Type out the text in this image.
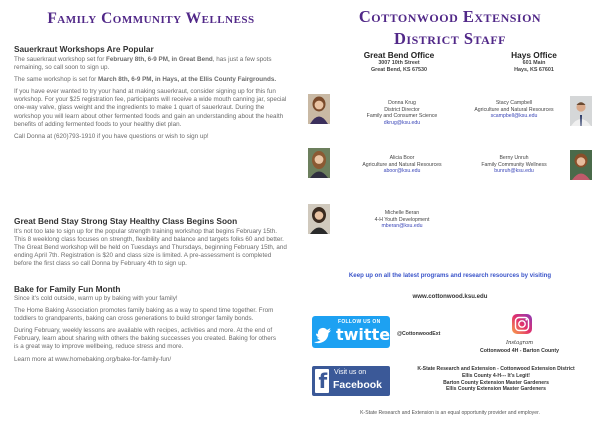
Family Community Wellness
Sauerkraut Workshops Are Popular

The sauerkraut workshop set for February 8th, 6-9 PM, in Great Bend, has just a few spots remaining, so call soon to sign up.

The same workshop is set for March 8th, 6-9 PM, in Hays, at the Ellis County Fairgrounds.

If you have ever wanted to try your hand at making sauerkraut, consider signing up for this fun workshop. For your $25 registration fee, participants will receive a wide mouth canning jar, special one-way valve, glass weight and the ingredients to make 1 quart of sauerkraut. During the workshop you will learn about other fermented foods and gain an understanding about the health benefits of adding fermented foods to your healthy diet plan.

Call Donna at (620)793-1910 if you have questions or wish to sign up!

Great Bend Stay Strong Stay Healthy Class Begins Soon

It's not too late to sign up for the popular strength training workshop that begins February 15th. This 8 weeklong class focuses on strength, flexibility and balance and targets folks 60 and better. The Great Bend workshop will be held on Tuesdays and Thursdays, beginning February 15th, and ending April 7th. Registration is $20 and class size is limited. A pre-assessment is completed before the first class so call Donna by February 4th to sign up.

Bake for Family Fun Month

Since it's cold outside, warm up by baking with your family!

The Home Baking Association promotes family baking as a way to spend time together. From toddlers to grandparents, baking can cross generations to build stronger family bonds.

During February, weekly lessons are available with recipes, activities and more. At the end of February, learn about sharing with others the baking successes you created. Baking for others is a great way to improve wellbeing, reduce stress and more.

Learn more at www.homebaking.org/bake-for-family-fun/

Cottonwood Extension
District Staff
Great Bend Office
3007 10th Street
Great Bend, KS 67530
Hays Office
601 Main
Hays, KS 67601
Donna Krug
District Director
Family and Consumer Science
dkrug@ksu.edu
Stacy Campbell
Agriculture and Natural Resources
scampbell@ksu.edu
Alicia Boor
Agriculture and Natural Resources
aboor@ksu.edu
Berny Unruh
Family Community Wellness
bunruh@ksu.edu
Michelle Beran
4-H Youth Development
mberan@ksu.edu
Keep up on all the latest programs and research resources by visiting
www.cottonwood.ksu.edu
FOLLOW US ON
twitter @CottonwoodExt
Instagram
Cottonwood 4H - Barton County
f Visit us on
Facebook
K-State Research and Extension - Cottonwood Extension District
Ellis County 4-H--- It's Legit!
Barton County Extension Master Gardeners
Ellis County Extension Master Gardeners
K-State Research and Extension is an equal opportunity provider and employer.
